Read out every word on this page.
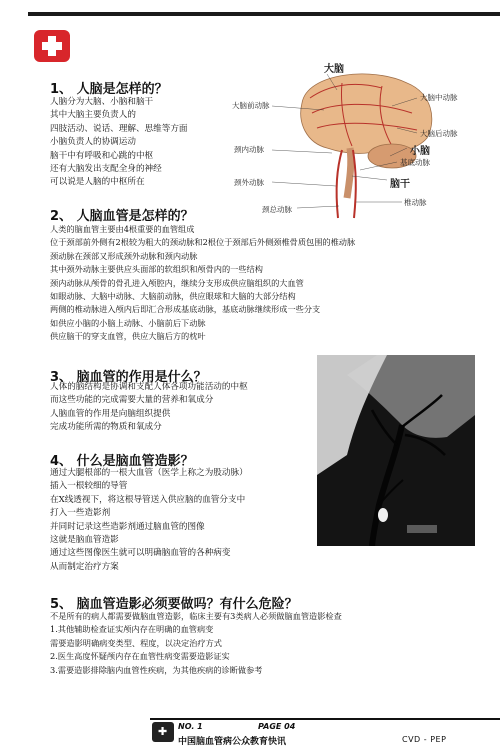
1、 人脑是怎样的？
人脑分为大脑、小脑和脑干
其中大脑主要负责人的
四肢活动、说话、理解、思维等方面
小脑负责人的协调运动
脑干中有呼吸和心跳的中枢
还有大脑发出支配全身的神经
可以说是人脑的中枢所在
大脑
大脑前动脉
大脑中动脉
大脑后动脉
颈内动脉	小脑
基底动脉
颈外动脉	脑干
颈总动脉
椎动脉
2、 人脑血管是怎样的？
人类的脑血管主要由4根重要的血管组成
位于颈部前外侧有2根较为粗大的颈动脉和2根位于颈部后外侧颈椎骨质包围的椎动脉
颈动脉在颈部又形成颈外动脉和颈内动脉
其中颈外动脉主要供应头面部的软组织和颅骨内的一些结构
颈内动脉从颅骨的骨孔进入颅腔内，继续分支形成供应脑组织的大血管
如眼动脉、大脑中动脉、大脑前动脉，供应眼球和大脑的大部分结构
两侧的椎动脉进入颅内后即汇合形成基底动脉，基底动脉继续形成一些分支
如供应小脑的小脑上动脉、小脑前后下动脉
供应脑干的穿支血管，供应大脑后方的枕叶
3、 脑血管的作用是什么？
人体的脑结构是协调和支配人体各项功能活动的中枢
而这些功能的完成需要大量的营养和氧成分
人脑血管的作用是向脑组织提供
完成功能所需的物质和氧成分
4、 什么是脑血管造影？
通过大腿根部的一根大血管（医学上称之为股动脉）
插入一根较细的导管
在X线透视下，将这根导管送入供应脑的血管分支中
打入一些造影剂
并同时记录这些造影剂通过脑血管的图像
这就是脑血管造影
通过这些图像医生就可以明确脑血管的各种病变
从而制定治疗方案
5、 脑血管造影必须要做吗？有什么危险？
不是所有的病人都需要做脑血管造影，临床主要有3类病人必须做脑血管造影检查
1.其他辅助检查证实颅内存在明确的血管病变
需要造影明确病变类型、程度，以决定治疗方式
2.医生高度怀疑颅内存在血管性病变需要造影证实
3.需要造影排除脑内血管性疾病，为其他疾病的诊断做参考
✚ NO. 1	PAGE 04
中国脑血管病公众教育快讯	CVD - PEP
